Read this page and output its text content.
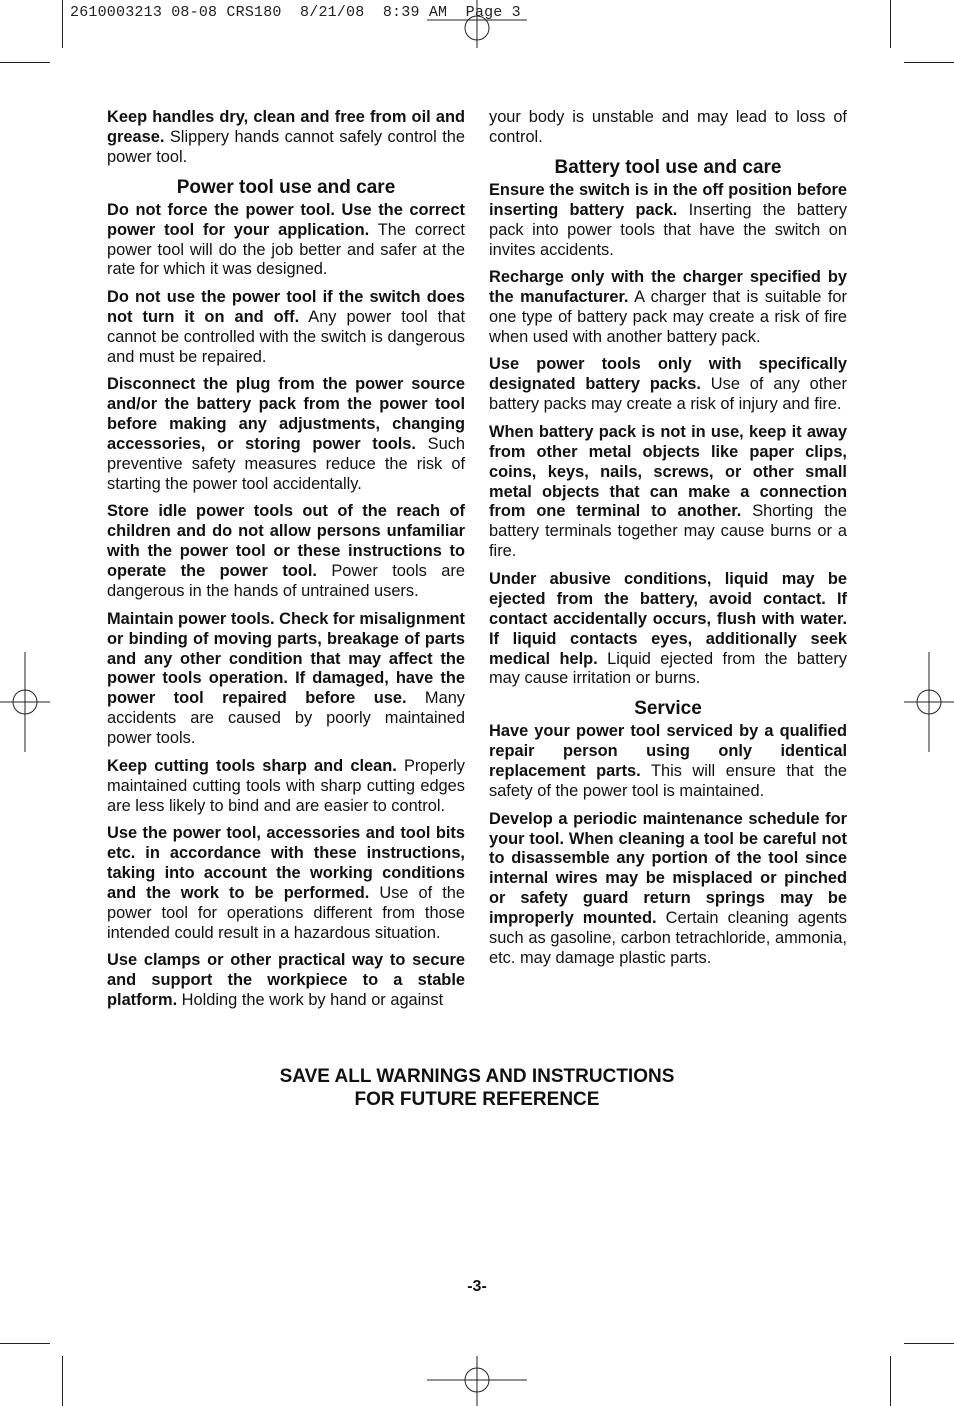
2610003213 08-08 CRS180  8/21/08  8:39 AM  Page 3

Keep handles dry, clean and free from oil and grease. Slippery hands cannot safely control the power tool.

Power tool use and care

Do not force the power tool. Use the correct power tool for your application. The correct power tool will do the job better and safer at the rate for which it was designed.

Do not use the power tool if the switch does not turn it on and off. Any power tool that cannot be controlled with the switch is dangerous and must be repaired.

Disconnect the plug from the power source and/or the battery pack from the power tool before making any adjustments, changing accessories, or storing power tools. Such preventive safety measures reduce the risk of starting the power tool accidentally.

Store idle power tools out of the reach of children and do not allow persons unfamiliar with the power tool or these instructions to operate the power tool. Power tools are dangerous in the hands of untrained users.

Maintain power tools. Check for misalignment or binding of moving parts, breakage of parts and any other condition that may affect the power tools operation. If damaged, have the power tool repaired before use. Many accidents are caused by poorly maintained power tools.

Keep cutting tools sharp and clean. Properly maintained cutting tools with sharp cutting edges are less likely to bind and are easier to control.

Use the power tool, accessories and tool bits etc. in accordance with these instructions, taking into account the working conditions and the work to be performed. Use of the power tool for operations different from those intended could result in a hazardous situation.

Use clamps or other practical way to secure and support the workpiece to a stable platform. Holding the work by hand or against

your body is unstable and may lead to loss of control.

Battery tool use and care

Ensure the switch is in the off position before inserting battery pack. Inserting the battery pack into power tools that have the switch on invites accidents.

Recharge only with the charger specified by the manufacturer. A charger that is suitable for one type of battery pack may create a risk of fire when used with another battery pack.

Use power tools only with specifically designated battery packs. Use of any other battery packs may create a risk of injury and fire.

When battery pack is not in use, keep it away from other metal objects like paper clips, coins, keys, nails, screws, or other small metal objects that can make a connection from one terminal to another. Shorting the battery terminals together may cause burns or a fire.

Under abusive conditions, liquid may be ejected from the battery, avoid contact. If contact accidentally occurs, flush with water. If liquid contacts eyes, additionally seek medical help. Liquid ejected from the battery may cause irritation or burns.

Service

Have your power tool serviced by a qualified repair person using only identical replacement parts. This will ensure that the safety of the power tool is maintained.

Develop a periodic maintenance schedule for your tool. When cleaning a tool be careful not to disassemble any portion of the tool since internal wires may be misplaced or pinched or safety guard return springs may be improperly mounted. Certain cleaning agents such as gasoline, carbon tetrachloride, ammonia, etc. may damage plastic parts.

SAVE ALL WARNINGS AND INSTRUCTIONS
FOR FUTURE REFERENCE
-3-
